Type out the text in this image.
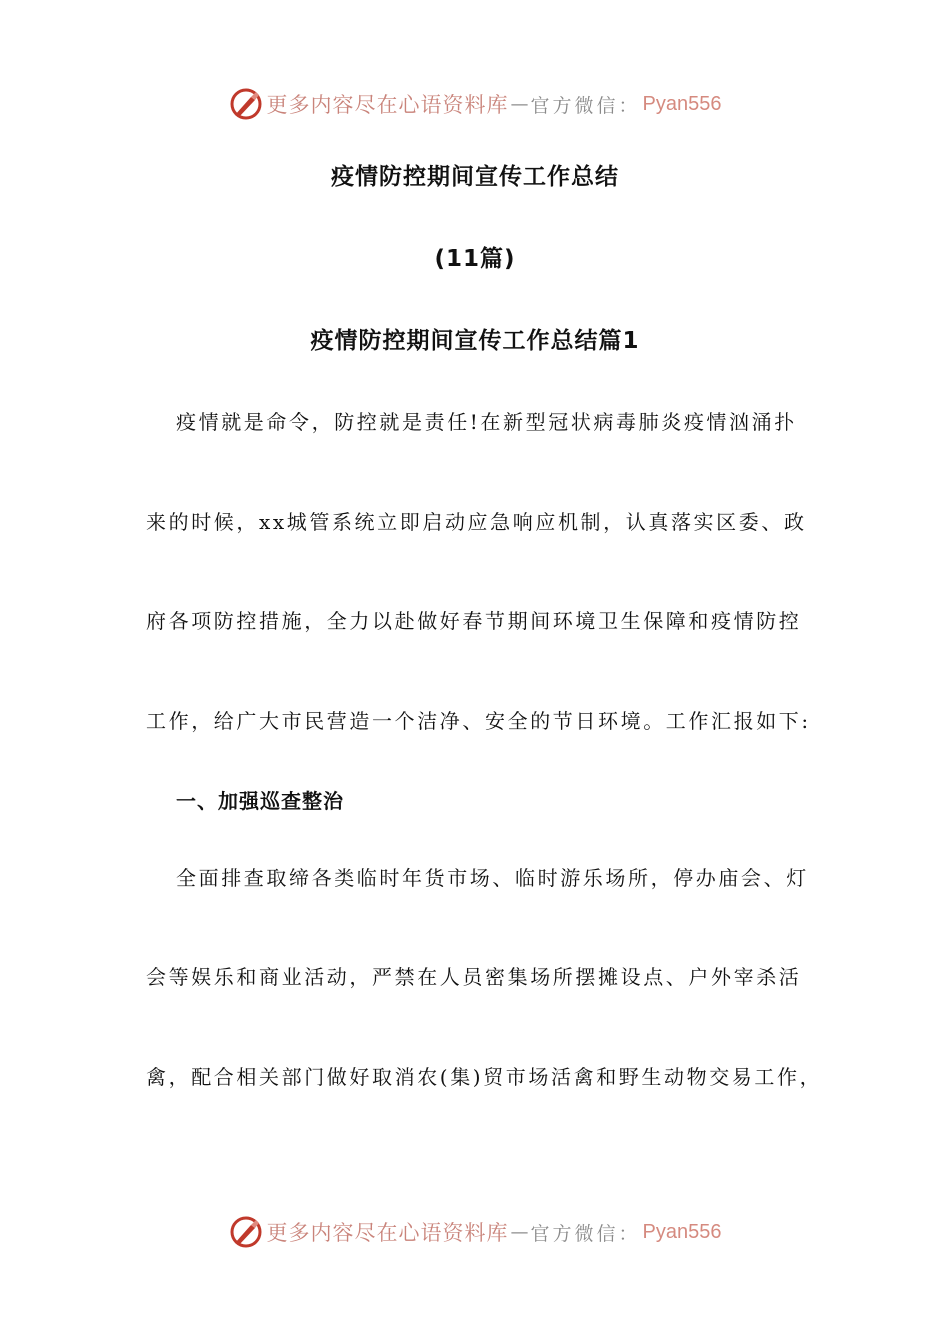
更多内容尽在心语资料库 — 官方微信： Pyan556
疫情防控期间宣传工作总结
(11篇)
疫情防控期间宣传工作总结篇1
疫情就是命令，防控就是责任!在新型冠状病毒肺炎疫情汹涌扑
来的时候，xx城管系统立即启动应急响应机制，认真落实区委、政
府各项防控措施，全力以赴做好春节期间环境卫生保障和疫情防控
工作，给广大市民营造一个洁净、安全的节日环境。工作汇报如下:
一、加强巡查整治
全面排查取缔各类临时年货市场、临时游乐场所，停办庙会、灯
会等娱乐和商业活动，严禁在人员密集场所摆摊设点、户外宰杀活
禽，配合相关部门做好取消农(集)贸市场活禽和野生动物交易工作，
更多内容尽在心语资料库 — 官方微信： Pyan556
